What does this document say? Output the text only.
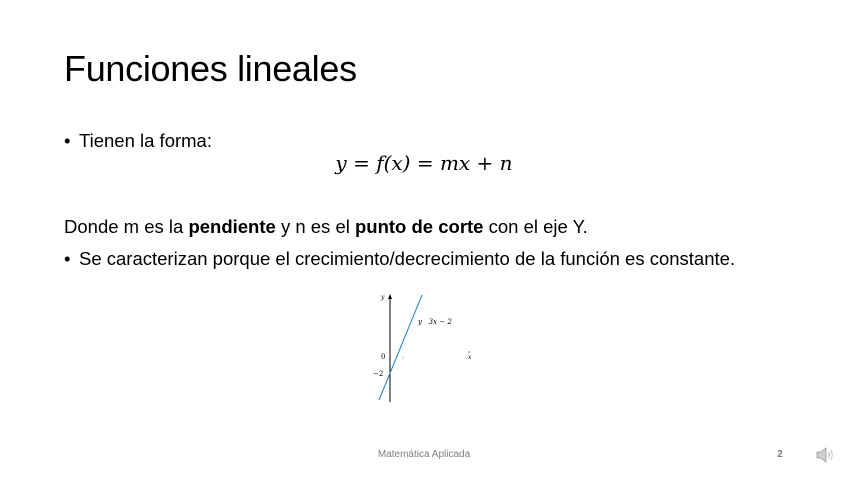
Funciones lineales
• Tienen la forma:
y = f(x) = mx + n
Donde m es la pendiente y n es el punto de corte con el eje Y.
• Se caracterizan porque el crecimiento/decrecimiento de la función es constante.
y
x
0
−2
1
y   3x − 2
Matemática Aplicada	2
